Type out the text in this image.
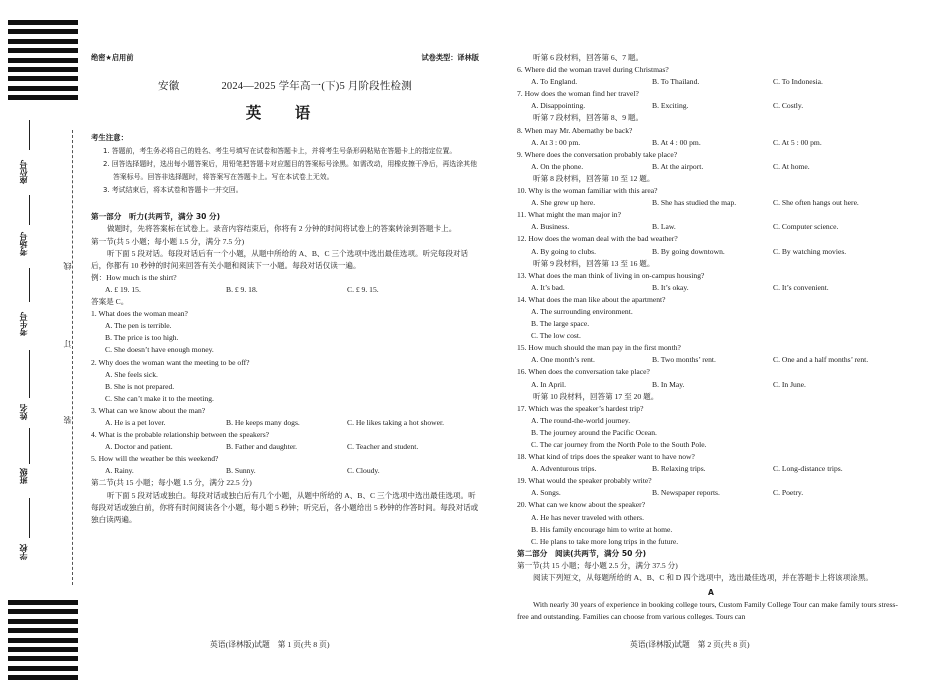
座位号
考场号
考生号
姓名
班级
学校
线
订
装
绝密★启用前	试卷类型：译林版
安徽	2024—2025 学年高一(下)5 月阶段性检测
英 语
考生注意：

1. 答题前，考生务必将自己的姓名、考生号填写在试卷和答题卡上，并将考生号条形码粘贴在答题卡上的指定位置。

2. 回答选择题时，选出每小题答案后，用铅笔把答题卡对应题目的答案标号涂黑。如需改动，用橡皮擦干净后，再选涂其他答案标号。回答非选择题时，将答案写在答题卡上。写在本试卷上无效。

3. 考试结束后，将本试卷和答题卡一并交回。

第一部分　听力(共两节，满分 30 分)

做题时，先将答案标在试卷上。录音内容结束后，你将有 2 分钟的时间将试卷上的答案转涂到答题卡上。

第一节(共 5 小题；每小题 1.5 分，满分 7.5 分)

听下面 5 段对话。每段对话后有一个小题，从题中所给的 A、B、C 三个选项中选出最佳选项。听完每段对话后，你都有 10 秒钟的时间来回答有关小题和阅读下一小题。每段对话仅读一遍。

例：How much is the shirt?

A. £ 19. 15.	B. £ 9. 18.	C. £ 9. 15.

答案是 C。

1. What does the woman mean?

A. The pen is terrible.

B. The price is too high.

C. She doesn’t have enough money.

2. Why does the woman want the meeting to be off?

A. She feels sick.

B. She is not prepared.

C. She can’t make it to the meeting.

3. What can we know about the man?

A. He is a pet lover.	B. He keeps many dogs.	C. He likes taking a hot shower.

4. What is the probable relationship between the speakers?

A. Doctor and patient.	B. Father and daughter.	C. Teacher and student.

5. How will the weather be this weekend?

A. Rainy.	B. Sunny.	C. Cloudy.

第二节(共 15 小题；每小题 1.5 分，满分 22.5 分)

听下面 5 段对话或独白。每段对话或独白后有几个小题，从题中所给的 A、B、C 三个选项中选出最佳选项。听每段对话或独白前，你将有时间阅读各个小题，每小题 5 秒钟；听完后，各小题给出 5 秒钟的作答时间。每段对话或独白读两遍。

听第 6 段材料，回答第 6、7 题。

6. Where did the woman travel during Christmas?

A. To England.	B. To Thailand.	C. To Indonesia.

7. How does the woman find her travel?

A. Disappointing.	B. Exciting.	C. Costly.

听第 7 段材料，回答第 8、9 题。

8. When may Mr. Abernathy be back?

A. At 3 : 00 pm.	B. At 4 : 00 pm.	C. At 5 : 00 pm.

9. Where does the conversation probably take place?

A. On the phone.	B. At the airport.	C. At home.

听第 8 段材料，回答第 10 至 12 题。

10. Why is the woman familiar with this area?

A. She grew up here.	B. She has studied the map.	C. She often hangs out here.

11. What might the man major in?

A. Business.	B. Law.	C. Computer science.

12. How does the woman deal with the bad weather?

A. By going to clubs.	B. By going downtown.	C. By watching movies.

听第 9 段材料，回答第 13 至 16 题。

13. What does the man think of living in on-campus housing?

A. It’s bad.	B. It’s okay.	C. It’s convenient.

14. What does the man like about the apartment?

A. The surrounding environment.

B. The large space.

C. The low cost.

15. How much should the man pay in the first month?

A. One month’s rent.	B. Two months’ rent.	C. One and a half months’ rent.

16. When does the conversation take place?

A. In April.	B. In May.	C. In June.

听第 10 段材料，回答第 17 至 20 题。

17. Which was the speaker’s hardest trip?

A. The round-the-world journey.

B. The journey around the Pacific Ocean.

C. The car journey from the North Pole to the South Pole.

18. What kind of trips does the speaker want to have now?

A. Adventurous trips.	B. Relaxing trips.	C. Long-distance trips.

19. What would the speaker probably write?

A. Songs.	B. Newspaper reports.	C. Poetry.

20. What can we know about the speaker?

A. He has never traveled with others.

B. His family encourage him to write at home.

C. He plans to take more long trips in the future.

第二部分　阅读(共两节，满分 50 分)

第一节(共 15 小题；每小题 2.5 分，满分 37.5 分)

阅读下列短文，从每题所给的 A、B、C 和 D 四个选项中，选出最佳选项，并在答题卡上将该项涂黑。

A

With nearly 30 years of experience in booking college tours, Custom Family College Tour can make family tours stress-free and outstanding. Families can choose from various colleges. Tours can

英语(译林版)试题　第 1 页(共 8 页)	英语(译林版)试题　第 2 页(共 8 页)
